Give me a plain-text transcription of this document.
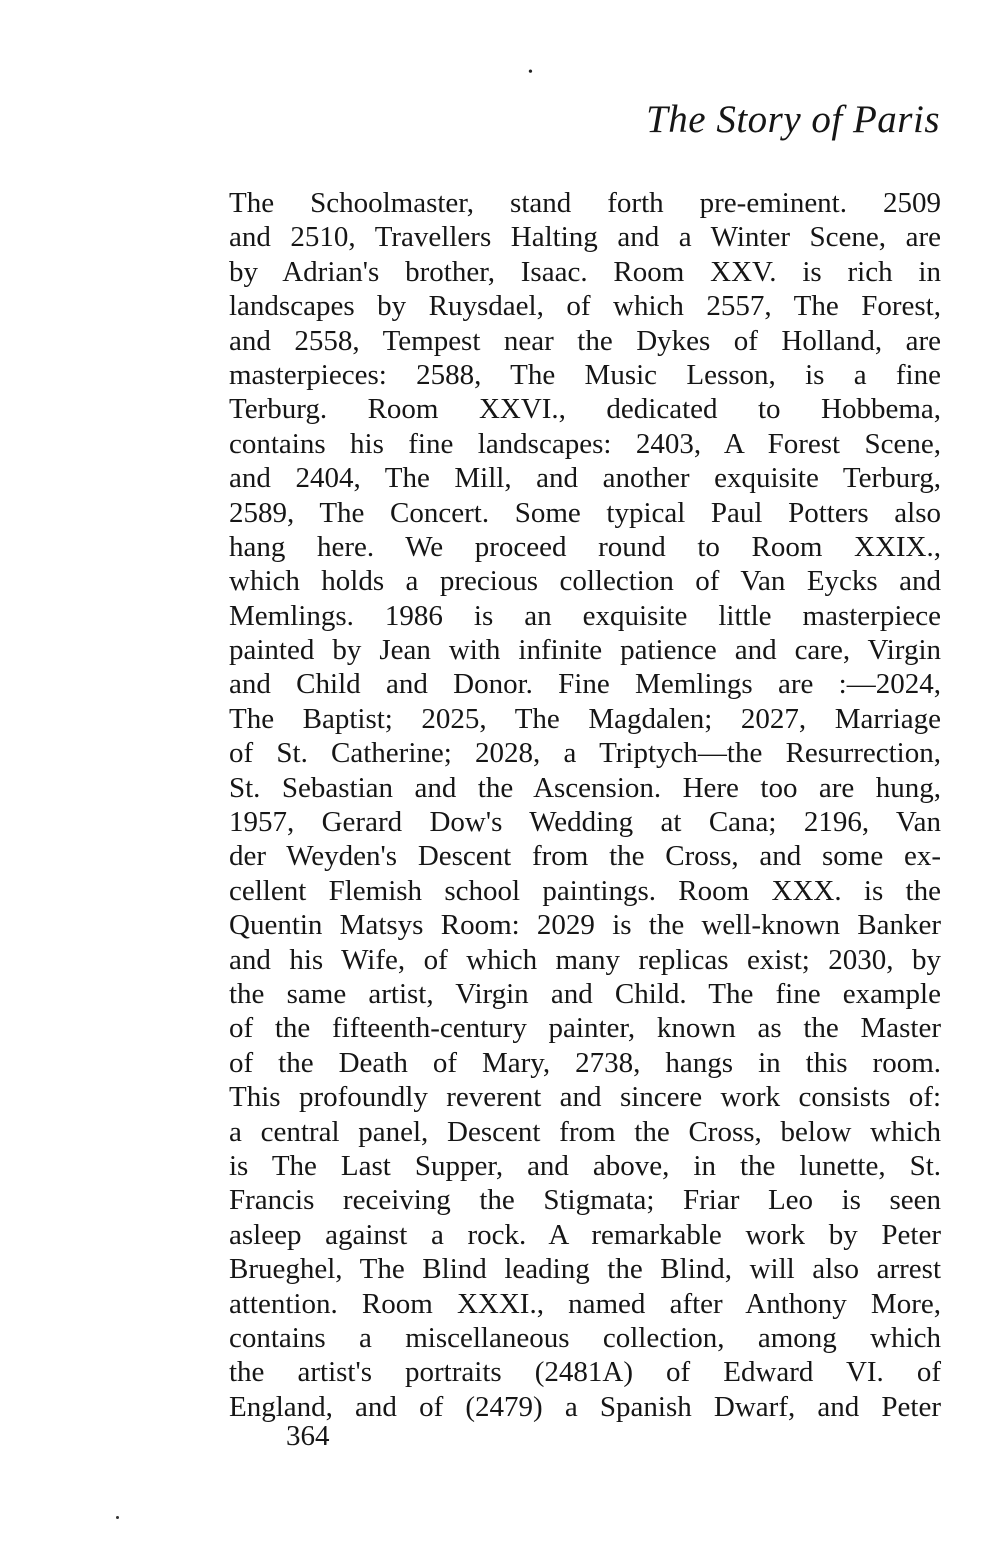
•
The Story of Paris
The Schoolmaster, stand forth pre-eminent. 2509
and 2510, Travellers Halting and a Winter Scene, are
by Adrian's brother, Isaac. Room XXV. is rich in
landscapes by Ruysdael, of which 2557, The Forest,
and 2558, Tempest near the Dykes of Holland, are
masterpieces: 2588, The Music Lesson, is a fine
Terburg. Room XXVI., dedicated to Hobbema,
contains his fine landscapes: 2403, A Forest Scene,
and 2404, The Mill, and another exquisite Terburg,
2589, The Concert. Some typical Paul Potters also
hang here. We proceed round to Room XXIX.,
which holds a precious collection of Van Eycks and
Memlings. 1986 is an exquisite little masterpiece
painted by Jean with infinite patience and care, Virgin
and Child and Donor. Fine Memlings are :—2024,
The Baptist; 2025, The Magdalen; 2027, Marriage
of St. Catherine; 2028, a Triptych—the Resurrection,
St. Sebastian and the Ascension. Here too are hung,
1957, Gerard Dow's Wedding at Cana; 2196, Van
der Weyden's Descent from the Cross, and some ex-
cellent Flemish school paintings. Room XXX. is the
Quentin Matsys Room: 2029 is the well-known Banker
and his Wife, of which many replicas exist; 2030, by
the same artist, Virgin and Child. The fine example
of the fifteenth-century painter, known as the Master
of the Death of Mary, 2738, hangs in this room.
This profoundly reverent and sincere work consists of:
a central panel, Descent from the Cross, below which
is The Last Supper, and above, in the lunette, St.
Francis receiving the Stigmata; Friar Leo is seen
asleep against a rock. A remarkable work by Peter
Brueghel, The Blind leading the Blind, will also arrest
attention. Room XXXI., named after Anthony More,
contains a miscellaneous collection, among which
the artist's portraits (2481A) of Edward VI. of
England, and of (2479) a Spanish Dwarf, and Peter
364
